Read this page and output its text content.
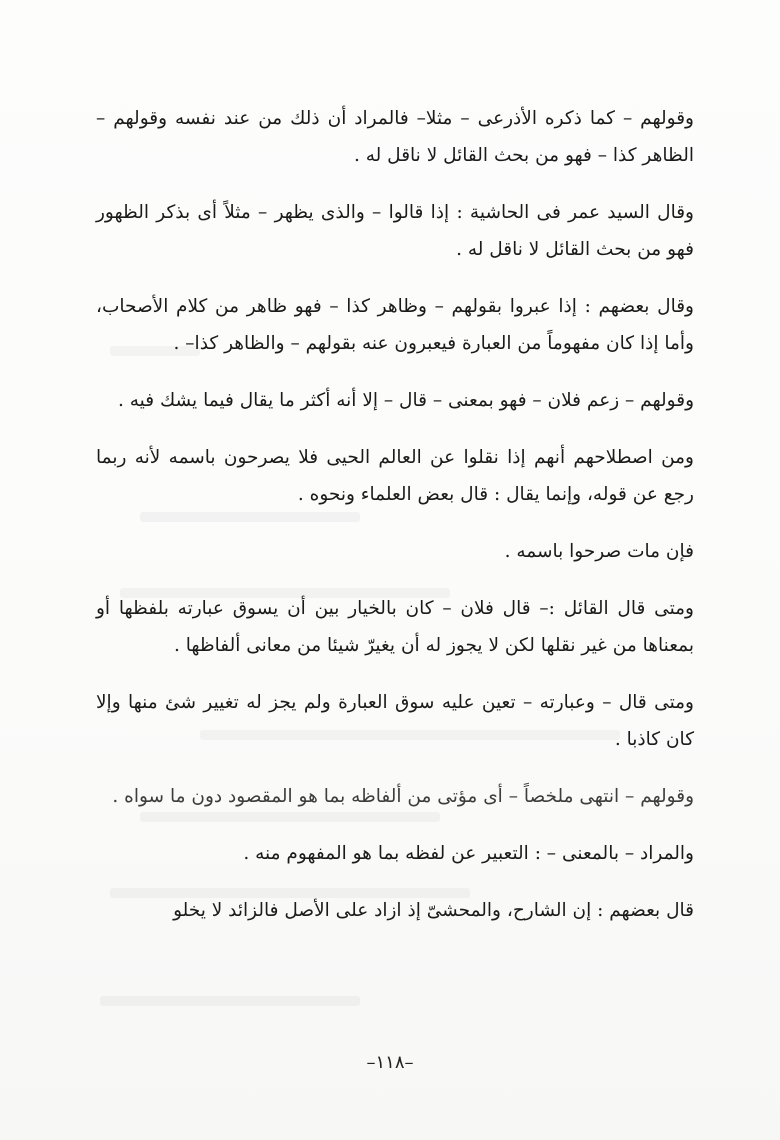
وقولهم – كما ذكره الأذرعى – مثلا– فالمراد أن ذلك من عند نفسه وقولهم – الظاهر كذا – فهو من بحث القائل لا ناقل له .

وقال السيد عمر فى الحاشية : إذا قالوا – والذى يظهر – مثلاً أى بذكر الظهور فهو من بحث القائل لا ناقل له .

وقال بعضهم : إذا عبروا بقولهم – وظاهر كذا – فهو ظاهر من كلام الأصحاب، وأما إذا كان مفهوماً من العبارة فيعبرون عنه بقولهم – والظاهر كذا– .

وقولهم – زعم فلان – فهو بمعنى – قال – إلا أنه أكثر ما يقال فيما يشك فيه .

ومن اصطلاحهم أنهم إذا نقلوا عن العالم الحيى فلا يصرحون باسمه لأنه ربما رجع عن قوله، وإنما يقال : قال بعض العلماء ونحوه .

فإن مات صرحوا باسمه .

ومتى قال القائل :– قال فلان – كان بالخيار بين أن يسوق عبارته بلفظها أو بمعناها من غير نقلها لكن لا يجوز له أن يغيرّ شيئا من معانى ألفاظها .

ومتى قال – وعبارته – تعين عليه سوق العبارة ولم يجز له تغيير شئ منها وإلا كان كاذبا .

وقولهم – انتهى ملخصاً – أى مؤتى من ألفاظه بما هو المقصود دون ما سواه .

والمراد – بالمعنى – : التعبير عن لفظه بما هو المفهوم منه .

قال بعضهم : إن الشارح، والمحشىّ إذ ازاد على الأصل فالزائد لا يخلو

–١١٨–
